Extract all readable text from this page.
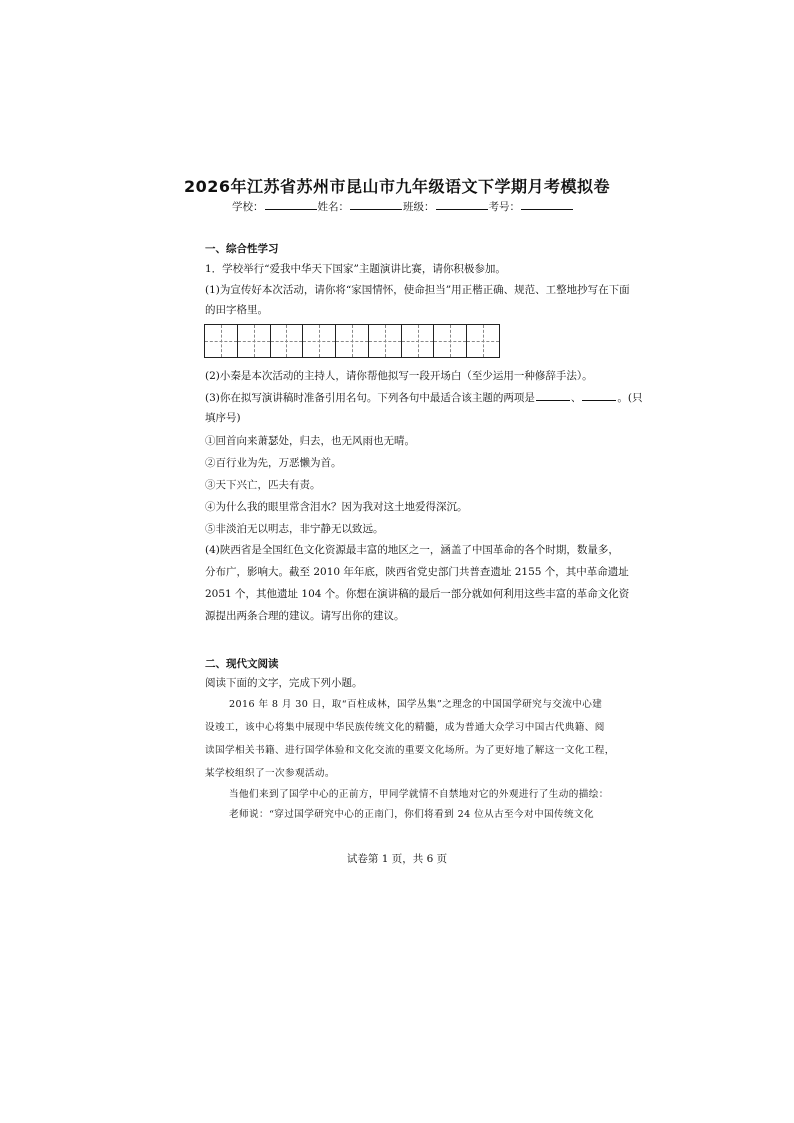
2026年江苏省苏州市昆山市九年级语文下学期月考模拟卷
学校：	姓名：	班级：	考号：
一、综合性学习
1．学校举行“爱我中华天下国家”主题演讲比赛，请你积极参加。
(1)为宣传好本次活动，请你将“家国情怀，使命担当”用正楷正确、规范、工整地抄写在下面
的田字格里。
(2)小秦是本次活动的主持人，请你帮他拟写一段开场白（至少运用一种修辞手法）。
(3)你在拟写演讲稿时准备引用名句。下列各句中最适合该主题的两项是	、	。(只
填序号)
①回首向来萧瑟处，归去，也无风雨也无晴。
②百行业为先，万恶懒为首。
③天下兴亡，匹夫有责。
④为什么我的眼里常含泪水？因为我对这土地爱得深沉。
⑤非淡泊无以明志，非宁静无以致远。
(4)陕西省是全国红色文化资源最丰富的地区之一，涵盖了中国革命的各个时期，数量多，
分布广，影响大。截至 2010 年年底，陕西省党史部门共普查遗址 2155 个，其中革命遗址
2051 个，其他遗址 104 个。你想在演讲稿的最后一部分就如何利用这些丰富的革命文化资
源提出两条合理的建议。请写出你的建议。
二、现代文阅读
阅读下面的文字，完成下列小题。
2016 年 8 月 30 日，取“百柱成林，国学丛集”之理念的中国国学研究与交流中心建
设竣工，该中心将集中展现中华民族传统文化的精髓，成为普通大众学习中国古代典籍、阅
读国学相关书籍、进行国学体验和文化交流的重要文化场所。为了更好地了解这一文化工程，
某学校组织了一次参观活动。
当他们来到了国学中心的正前方，甲同学就情不自禁地对它的外观进行了生动的描绘：
老师说：“穿过国学研究中心的正南门，你们将看到 24 位从古至今对中国传统文化
试卷第 1 页，共 6 页
